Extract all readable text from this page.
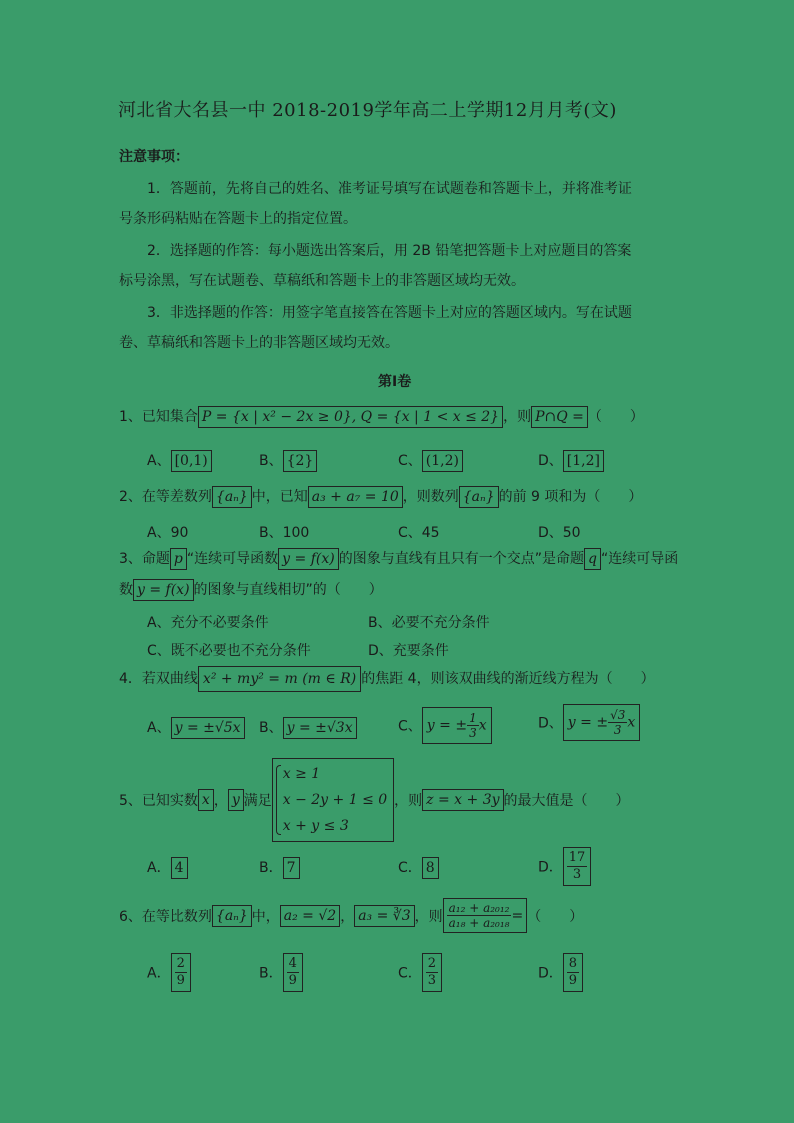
河北省大名县一中 2018-2019学年高二上学期12月月考(文)
注意事项：
1．答题前，先将自己的姓名、准考证号填写在试题卷和答题卡上，并将准考证
号条形码粘贴在答题卡上的指定位置。
2．选择题的作答：每小题选出答案后，用 2B 铅笔把答题卡上对应题目的答案
标号涂黑，写在试题卷、草稿纸和答题卡上的非答题区域均无效。
3．非选择题的作答：用签字笔直接答在答题卡上对应的答题区域内。写在试题
卷、草稿纸和答题卡上的非答题区域均无效。
第Ⅰ卷
1、已知集合 P = {x | x² − 2x ≥ 0}, Q = {x | 1 < x ≤ 2} ，则 P∩Q = （　　）
A、 [0,1)	B、 {2}	C、 (1,2)	D、 [1,2]
2、在等差数列 {aₙ} 中，已知 a₃ + a₇ = 10 ，则数列 {aₙ} 的前 9 项和为（　　）
A、90	B、100	C、45	D、50
3、命题 p “连续可导函数 y = f(x) 的图象与直线有且只有一个交点”是命题 q “连续可导函
数 y = f(x) 的图象与直线相切”的（　　）
A、充分不必要条件	B、必要不充分条件
C、既不必要也不充分条件	D、充要条件
4．若双曲线 x² + my² = m (m ∈ R) 的焦距 4，则该双曲线的渐近线方程为（　　）
A、 y = ±√5x B、 y = ±√3x	C、 y = ± $\frac{1}{3}$ x	D、 y = ± $\frac{√3}{3}$ x
5、已知实数 x ， y 满足
x ≥ 1
x − 2y + 1 ≤ 0
x + y ≤ 3
，则 z = x + 3y 的最大值是（　　）
A． 4	B． 7	C． 8	D． $\frac{17}{3}$
6、在等比数列 {aₙ} 中， a₂ = √2 ， a₃ = ∛3 ，则 $\frac{\text{a₁₂ + a₂₀₁₂}}{\text{a₁₈ + a₂₀₁₈}}$ = （　　）
A． $\frac{2}{9}$	B． $\frac{4}{9}$	C． $\frac{2}{3}$	D． $\frac{8}{9}$
